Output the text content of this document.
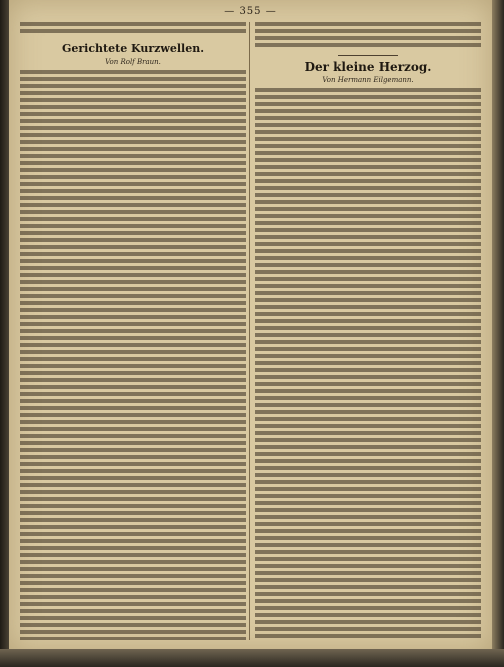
— 355 —
Gerichtete Kurzwellen.
Von Rolf Braun.	Der kleine Herzog.
Von Hermann Eilgemann.
